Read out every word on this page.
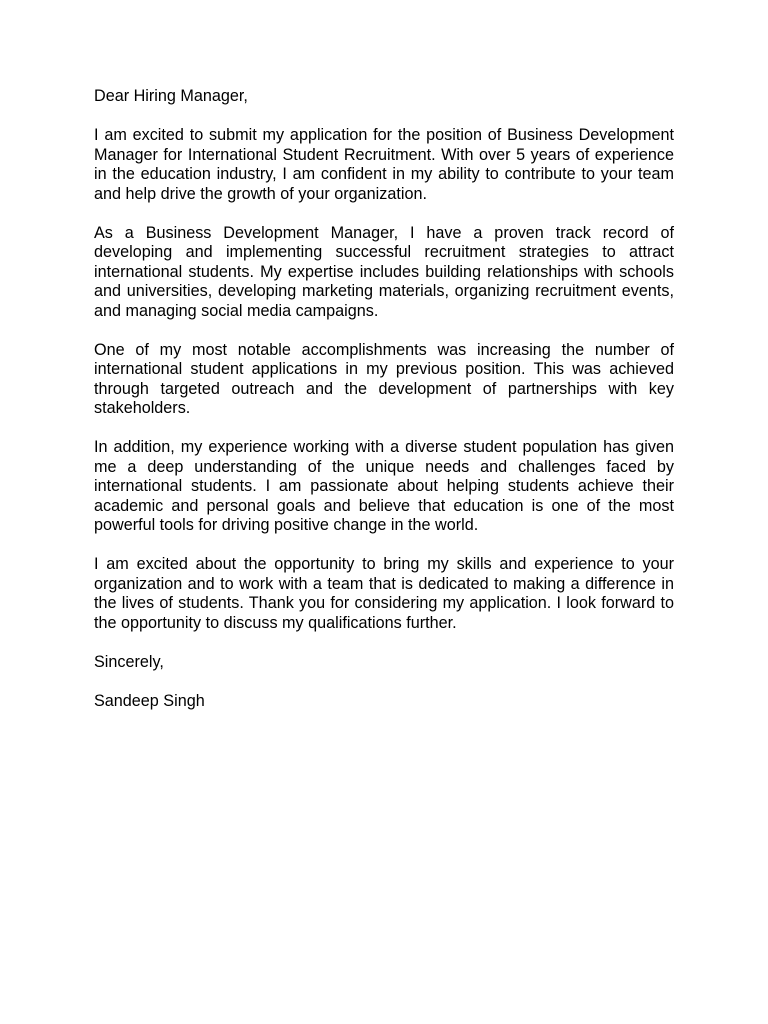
Dear Hiring Manager,

I am excited to submit my application for the position of Business Development Manager for International Student Recruitment. With over 5 years of experience in the education industry, I am confident in my ability to contribute to your team and help drive the growth of your organization.

As a Business Development Manager, I have a proven track record of developing and implementing successful recruitment strategies to attract international students. My expertise includes building relationships with schools and universities, developing marketing materials, organizing recruitment events, and managing social media campaigns.

One of my most notable accomplishments was increasing the number of international student applications in my previous position. This was achieved through targeted outreach and the development of partnerships with key stakeholders.

In addition, my experience working with a diverse student population has given me a deep understanding of the unique needs and challenges faced by international students. I am passionate about helping students achieve their academic and personal goals and believe that education is one of the most powerful tools for driving positive change in the world.

I am excited about the opportunity to bring my skills and experience to your organization and to work with a team that is dedicated to making a difference in the lives of students. Thank you for considering my application. I look forward to the opportunity to discuss my qualifications further.

Sincerely,

Sandeep Singh
